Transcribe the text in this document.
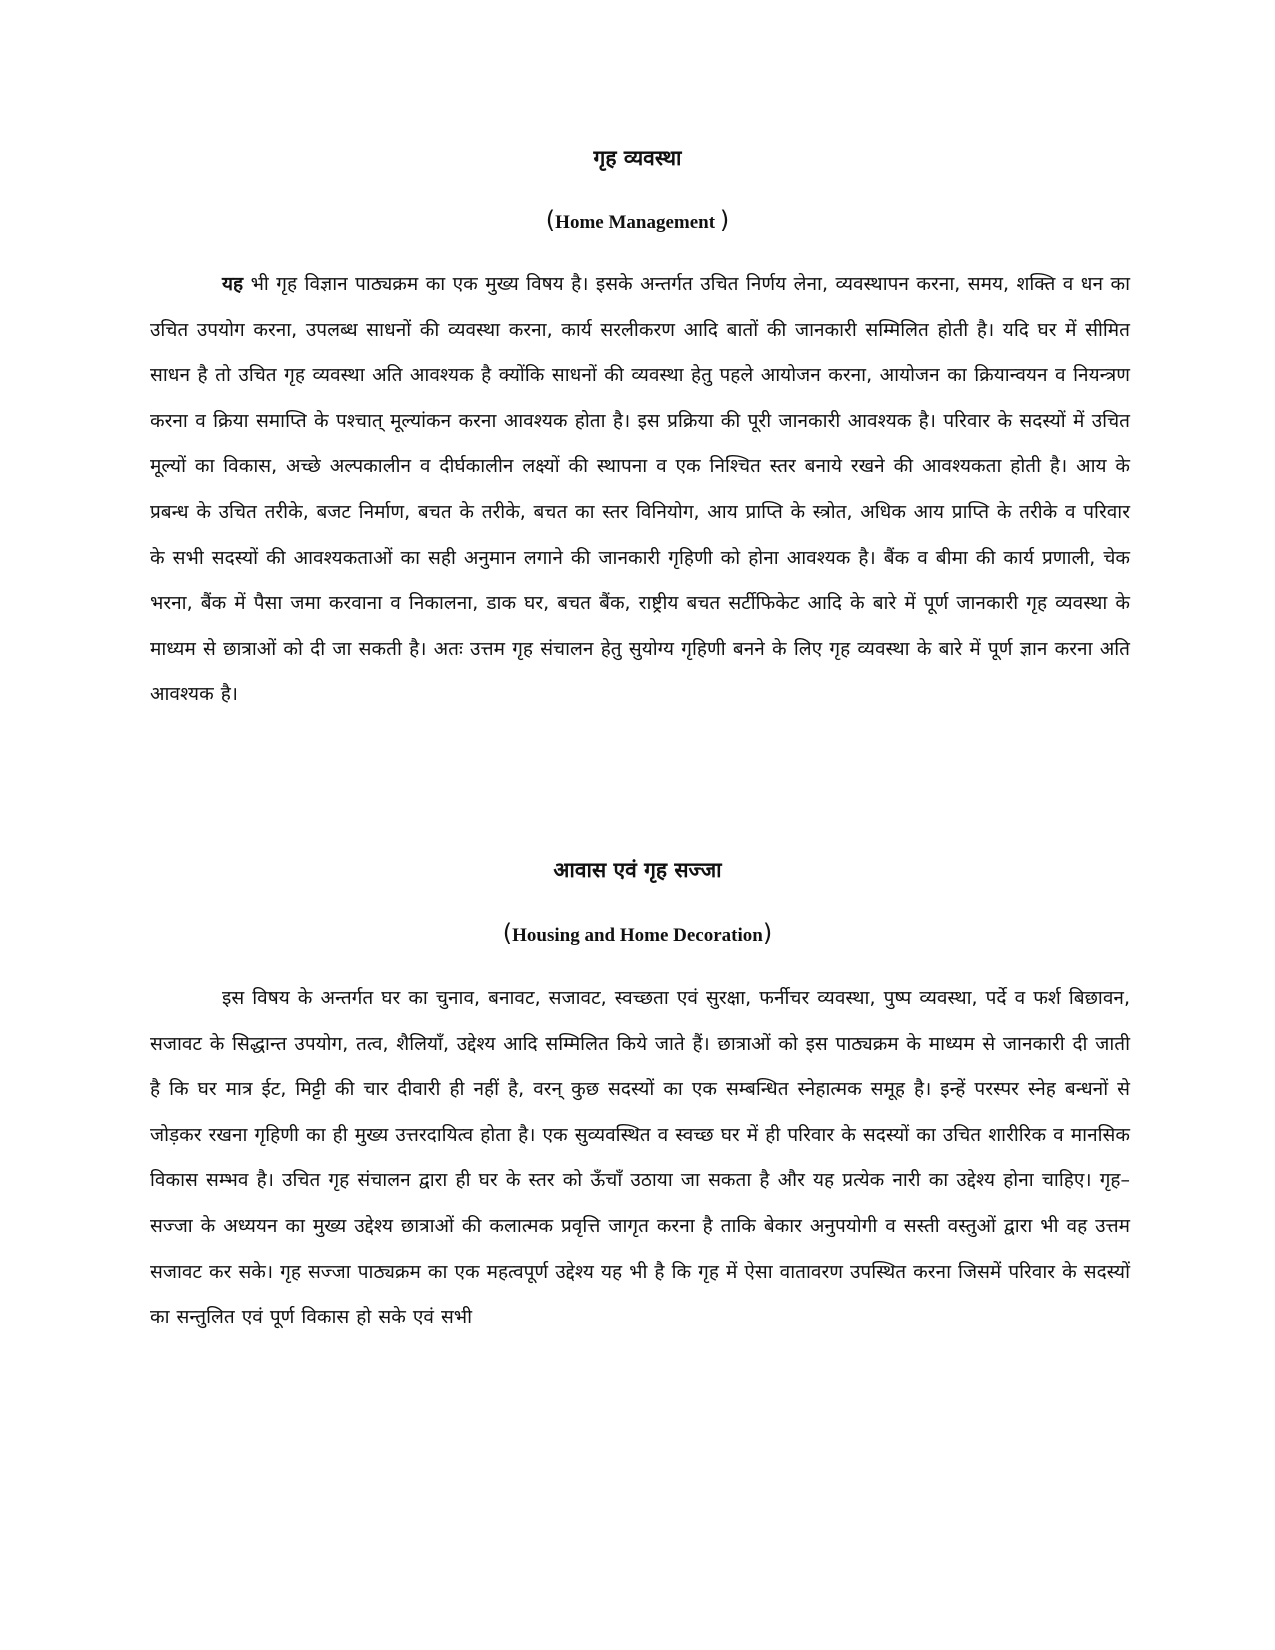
गृह व्यवस्था
(Home Management )

यह भी गृह विज्ञान पाठ्यक्रम का एक मुख्य विषय है। इसके अन्तर्गत उचित निर्णय लेना, व्यवस्थापन करना, समय, शक्ति व धन का उचित उपयोग करना, उपलब्ध साधनों की व्यवस्था करना, कार्य सरलीकरण आदि बातों की जानकारी सम्मिलित होती है। यदि घर में सीमित साधन है तो उचित गृह व्यवस्था अति आवश्यक है क्योंकि साधनों की व्यवस्था हेतु पहले आयोजन करना, आयोजन का क्रियान्वयन व नियन्त्रण करना व क्रिया समाप्ति के पश्चात् मूल्यांकन करना आवश्यक होता है। इस प्रक्रिया की पूरी जानकारी आवश्यक है। परिवार के सदस्यों में उचित मूल्यों का विकास, अच्छे अल्पकालीन व दीर्घकालीन लक्ष्यों की स्थापना व एक निश्चित स्तर बनाये रखने की आवश्यकता होती है। आय के प्रबन्ध के उचित तरीके, बजट निर्माण, बचत के तरीके, बचत का स्तर विनियोग, आय प्राप्ति के स्त्रोत, अधिक आय प्राप्ति के तरीके व परिवार के सभी सदस्यों की आवश्यकताओं का सही अनुमान लगाने की जानकारी गृहिणी को होना आवश्यक है। बैंक व बीमा की कार्य प्रणाली, चेक भरना, बैंक में पैसा जमा करवाना व निकालना, डाक घर, बचत बैंक, राष्ट्रीय बचत सर्टीफिकेट आदि के बारे में पूर्ण जानकारी गृह व्यवस्था के माध्यम से छात्राओं को दी जा सकती है। अतः उत्तम गृह संचालन हेतु सुयोग्य गृहिणी बनने के लिए गृह व्यवस्था के बारे में पूर्ण ज्ञान करना अति आवश्यक है।

आवास एवं गृह सज्जा
(Housing and Home Decoration)

इस विषय के अन्तर्गत घर का चुनाव, बनावट, सजावट, स्वच्छता एवं सुरक्षा, फर्नीचर व्यवस्था, पुष्प व्यवस्था, पर्दे व फर्श बिछावन, सजावट के सिद्धान्त उपयोग, तत्व, शैलियाँ, उद्देश्य आदि सम्मिलित किये जाते हैं। छात्राओं को इस पाठ्यक्रम के माध्यम से जानकारी दी जाती है कि घर मात्र ईट, मिट्टी की चार दीवारी ही नहीं है, वरन् कुछ सदस्यों का एक सम्बन्धित स्नेहात्मक समूह है। इन्हें परस्पर स्नेह बन्धनों से जोड़कर रखना गृहिणी का ही मुख्य उत्तरदायित्व होता है। एक सुव्यवस्थित व स्वच्छ घर में ही परिवार के सदस्यों का उचित शारीरिक व मानसिक विकास सम्भव है। उचित गृह संचालन द्वारा ही घर के स्तर को ऊँचाँ उठाया जा सकता है और यह प्रत्येक नारी का उद्देश्य होना चाहिए। गृह–सज्जा के अध्ययन का मुख्य उद्देश्य छात्राओं की कलात्मक प्रवृत्ति जागृत करना है ताकि बेकार अनुपयोगी व सस्ती वस्तुओं द्वारा भी वह उत्तम सजावट कर सके। गृह सज्जा पाठ्यक्रम का एक महत्वपूर्ण उद्देश्य यह भी है कि गृह में ऐसा वातावरण उपस्थित करना जिसमें परिवार के सदस्यों का सन्तुलित एवं पूर्ण विकास हो सके एवं सभी
